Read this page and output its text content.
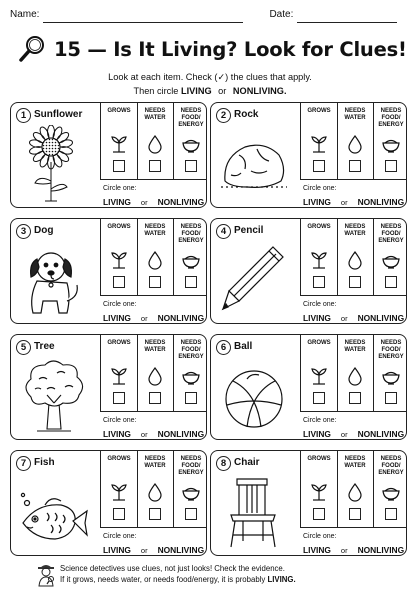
Name:	Date:
15 — Is It Living? Look for Clues!
Look at each item. Check (✓) the clues that apply.
Then circle LIVING or NONLIVING.
1 Sunflower	GROWS	NEEDS WATER
NEEDS FOOD/ ENERGY
Circle one:
LIVING or NONLIVING
2 Rock	GROWS	NEEDS WATER
NEEDS FOOD/ ENERGY
Circle one:
LIVING or NONLIVING
3 Dog	GROWS	NEEDS WATER
NEEDS FOOD/ ENERGY
Circle one:
LIVING or NONLIVING
4 Pencil	GROWS	NEEDS WATER
NEEDS FOOD/ ENERGY
Circle one:
LIVING or NONLIVING
5 Tree	GROWS	NEEDS WATER
NEEDS FOOD/ ENERGY
Circle one:
LIVING or NONLIVING
6 Ball	GROWS	NEEDS WATER
NEEDS FOOD/ ENERGY
Circle one:
LIVING or NONLIVING
7 Fish	GROWS	NEEDS WATER
NEEDS FOOD/ ENERGY
Circle one:
LIVING or NONLIVING
8 Chair	GROWS	NEEDS WATER
NEEDS FOOD/ ENERGY
Circle one:
LIVING or NONLIVING
Science detectives use clues, not just looks! Check the evidence.
If it grows, needs water, or needs food/energy, it is probably LIVING.
